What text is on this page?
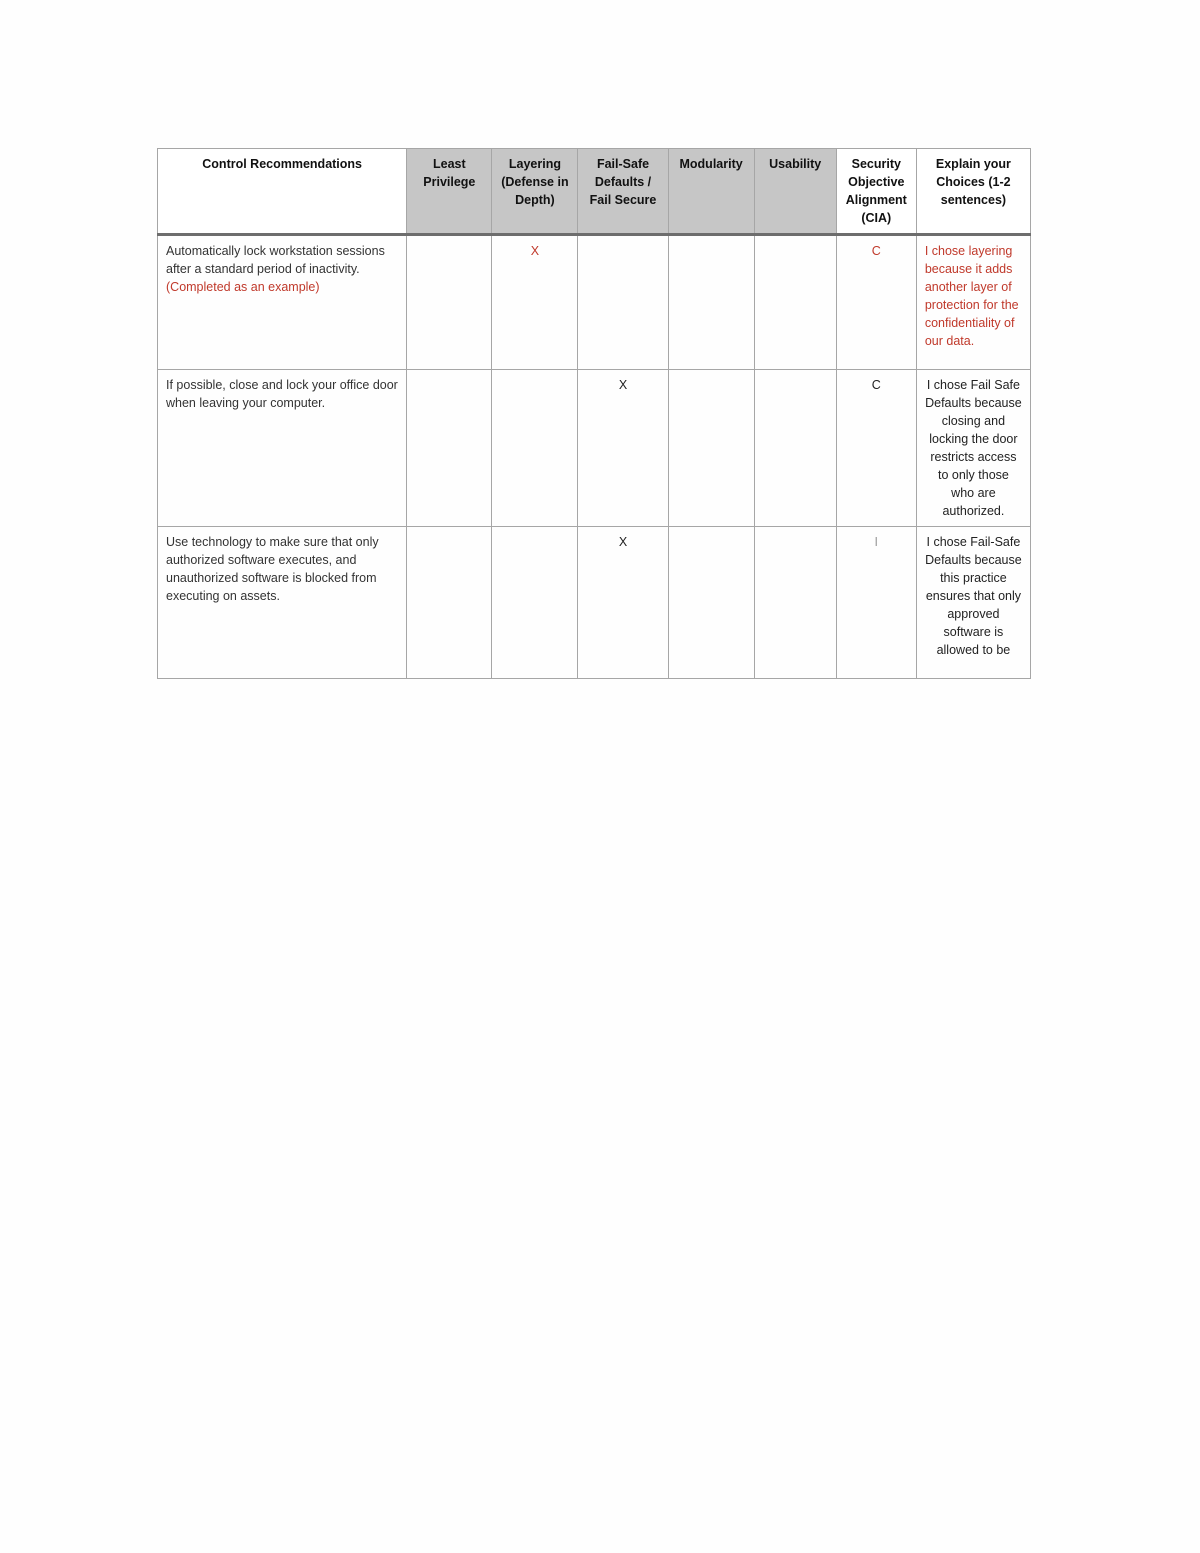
Control Recommendations	Least Privilege	Layering (Defense in Depth)	Fail-Safe Defaults / Fail Secure	Modularity	Usability	Security Objective Alignment (CIA)	Explain your Choices (1-2 sentences)
Automatically lock workstation sessions after a standard period of inactivity. (Completed as an example)		X				C	I chose layering because it adds another layer of protection for the confidentiality of our data.
If possible, close and lock your office door when leaving your computer.			X			C	I chose Fail Safe Defaults because closing and locking the door restricts access to only those who are authorized.
Use technology to make sure that only authorized software executes, and unauthorized software is blocked from executing on assets.			X			I	I chose Fail-Safe Defaults because this practice ensures that only approved software is allowed to be
